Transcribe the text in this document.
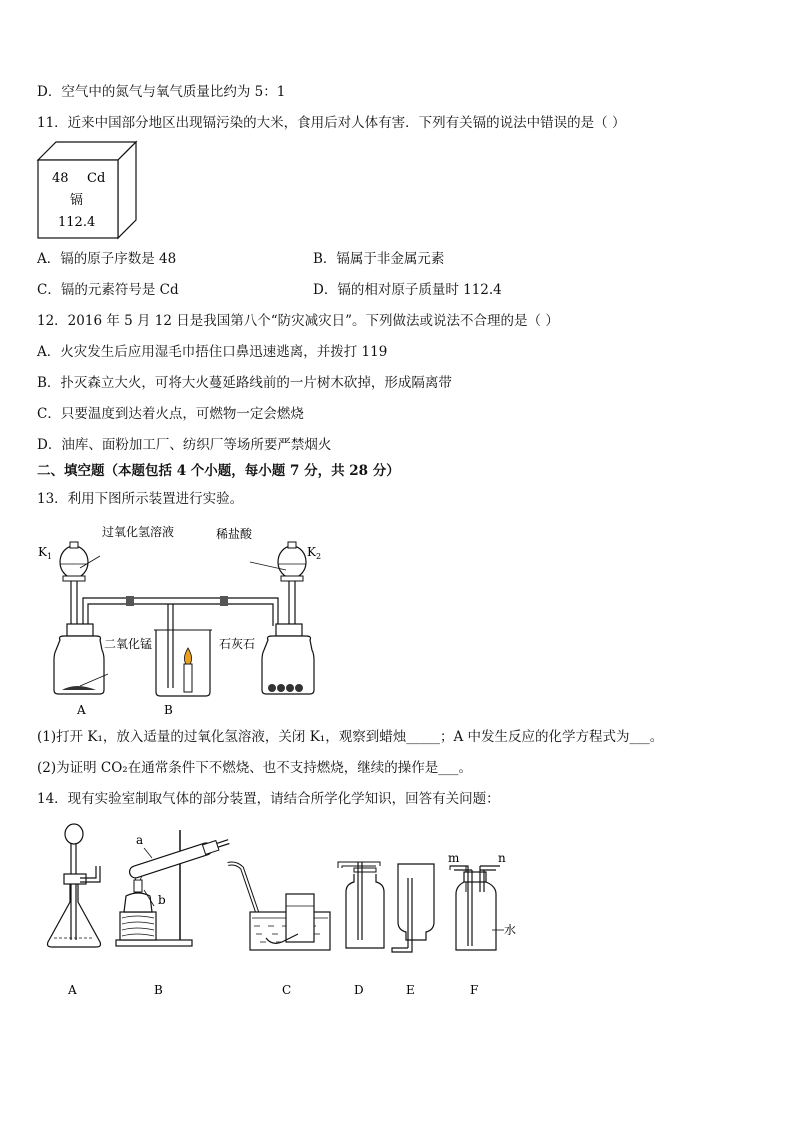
D．空气中的氮气与氧气质量比约为 5：1
11．近来中国部分地区出现镉污染的大米，食用后对人体有害．下列有关镉的说法中错误的是（ ）
48 Cd
镉
112.4
A．镉的原子序数是 48	B．镉属于非金属元素
C．镉的元素符号是 Cd	D．镉的相对原子质量时 112.4
12．2016 年 5 月 12 日是我国第八个“防灾减灾日”。下列做法或说法不合理的是（ ）
A．火灾发生后应用湿毛巾捂住口鼻迅速逃离，并拨打 119
B．扑灭森立大火，可将大火蔓延路线前的一片树木砍掉，形成隔离带
C．只要温度到达着火点，可燃物一定会燃烧
D．油库、面粉加工厂、纺织厂等场所要严禁烟火
二、填空题（本题包括 4 个小题，每小题 7 分，共 28 分）
13．利用下图所示装置进行实验。
过氧化氢溶液	稀盐酸
$K_1$	$K_2$
二氧化锰	石灰石
A	B
(1)打开 K₁，放入适量的过氧化氢溶液，关闭 K₁，观察到蜡烛_____；A 中发生反应的化学方程式为___。
(2)为证明 CO₂在通常条件下不燃烧、也不支持燃烧，继续的操作是___。
14．现有实验室制取气体的部分装置，请结合所学化学知识，回答有关问题：
a
b
m	n
水
A	B	C	D	E	F
